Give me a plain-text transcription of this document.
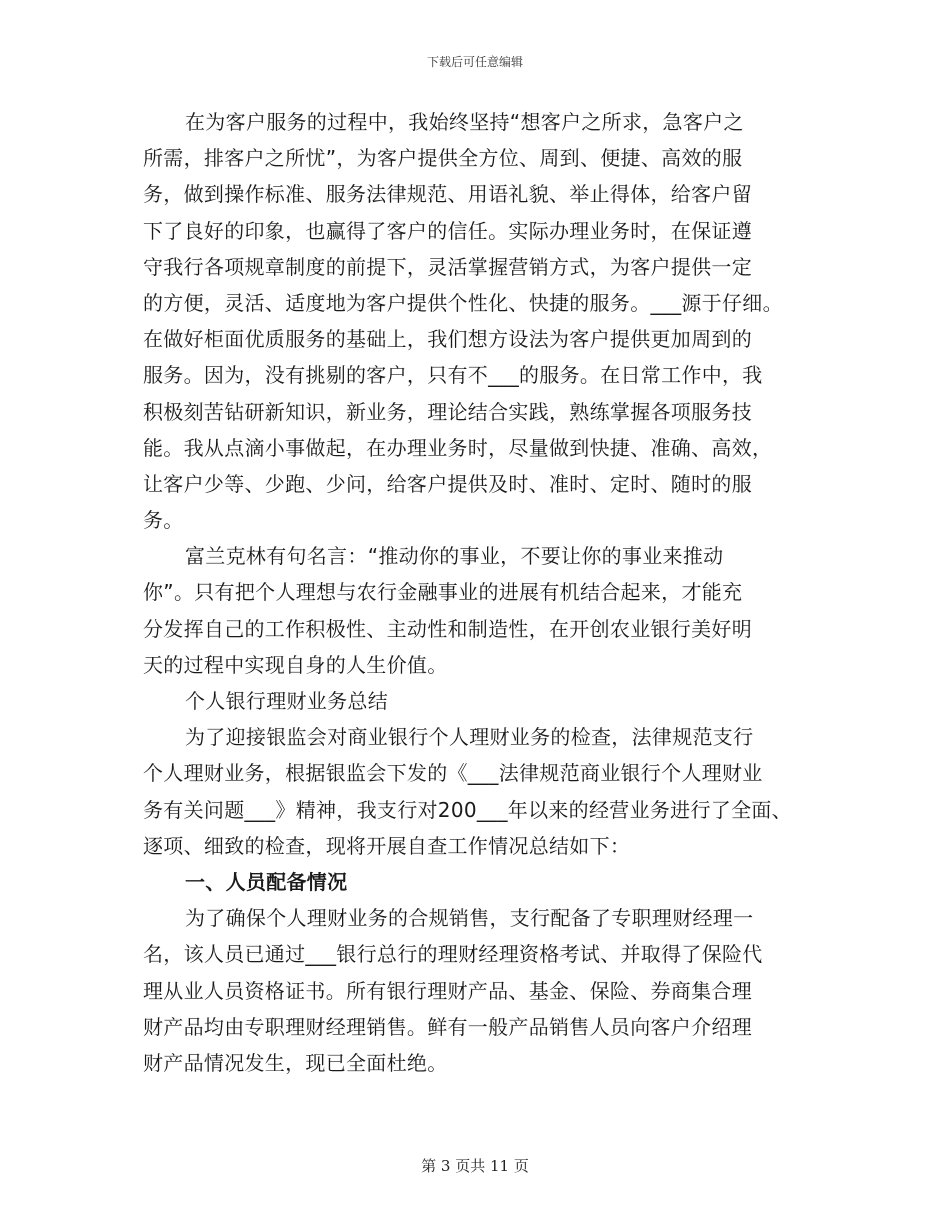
下载后可任意编辑
在为客户服务的过程中，我始终坚持“想客户之所求，急客户之
所需，排客户之所忧”，为客户提供全方位、周到、便捷、高效的服
务，做到操作标准、服务法律规范、用语礼貌、举止得体，给客户留
下了良好的印象，也赢得了客户的信任。实际办理业务时，在保证遵
守我行各项规章制度的前提下，灵活掌握营销方式，为客户提供一定
的方便，灵活、适度地为客户提供个性化、快捷的服务。___源于仔细。
在做好柜面优质服务的基础上，我们想方设法为客户提供更加周到的
服务。因为，没有挑剔的客户，只有不___的服务。在日常工作中，我
积极刻苦钻研新知识，新业务，理论结合实践，熟练掌握各项服务技
能。我从点滴小事做起，在办理业务时，尽量做到快捷、准确、高效，
让客户少等、少跑、少问，给客户提供及时、准时、定时、随时的服
务。
富兰克林有句名言：“推动你的事业，不要让你的事业来推动
你”。只有把个人理想与农行金融事业的进展有机结合起来，才能充
分发挥自己的工作积极性、主动性和制造性，在开创农业银行美好明
天的过程中实现自身的人生价值。
个人银行理财业务总结
为了迎接银监会对商业银行个人理财业务的检查，法律规范支行
个人理财业务，根据银监会下发的《___法律规范商业银行个人理财业
务有关问题___》精神，我支行对200___年以来的经营业务进行了全面、
逐项、细致的检查，现将开展自查工作情况总结如下：
一、人员配备情况
为了确保个人理财业务的合规销售，支行配备了专职理财经理一
名，该人员已通过___银行总行的理财经理资格考试、并取得了保险代
理从业人员资格证书。所有银行理财产品、基金、保险、券商集合理
财产品均由专职理财经理销售。鲜有一般产品销售人员向客户介绍理
财产品情况发生，现已全面杜绝。
第 3 页共 11 页
